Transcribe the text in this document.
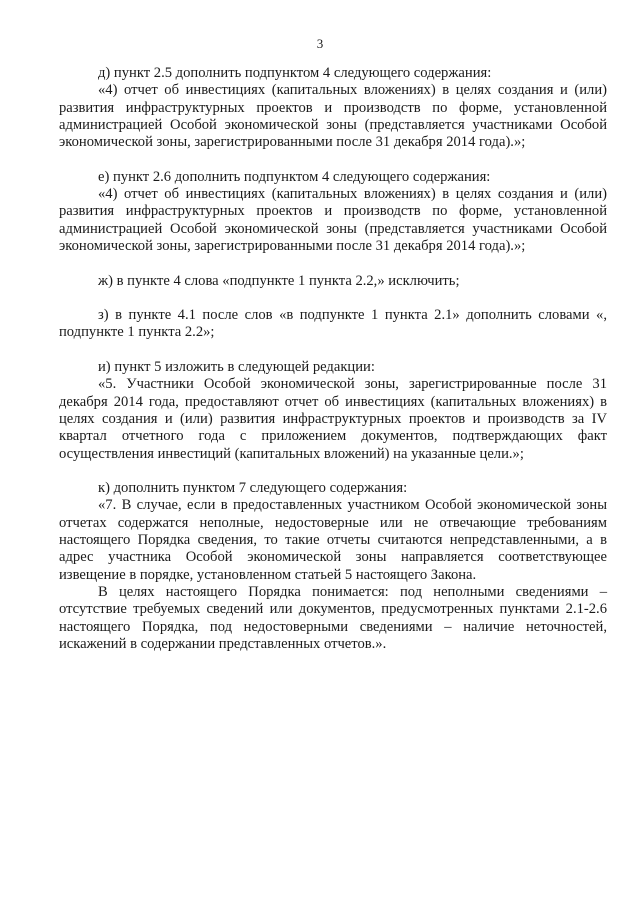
3

д) пункт 2.5 дополнить подпунктом 4 следующего содержания:

«4) отчет об инвестициях (капитальных вложениях) в целях создания и (или) развития инфраструктурных проектов и производств по форме, установленной администрацией Особой экономической зоны (представляется участниками Особой экономической зоны, зарегистрированными после 31 декабря 2014 года).»;

е) пункт 2.6 дополнить подпунктом 4 следующего содержания:

«4) отчет об инвестициях (капитальных вложениях) в целях создания и (или) развития инфраструктурных проектов и производств по форме, установленной администрацией Особой экономической зоны (представляется участниками Особой экономической зоны, зарегистрированными после 31 декабря 2014 года).»;

ж) в пункте 4 слова «подпункте 1 пункта 2.2,» исключить;

з) в пункте 4.1 после слов «в подпункте 1 пункта 2.1» дополнить словами «, подпункте 1 пункта 2.2»;

и) пункт 5 изложить в следующей редакции:

«5. Участники Особой экономической зоны, зарегистрированные после 31 декабря 2014 года, предоставляют отчет об инвестициях (капитальных вложениях) в целях создания и (или) развития инфраструктурных проектов и производств за IV квартал отчетного года с приложением документов, подтверждающих факт осуществления инвестиций (капитальных вложений) на указанные цели.»;

к) дополнить пунктом 7 следующего содержания:

«7. В случае, если в предоставленных участником Особой экономической зоны отчетах содержатся неполные, недостоверные или не отвечающие требованиям настоящего Порядка сведения, то такие отчеты считаются непредставленными, а в адрес участника Особой экономической зоны направляется соответствующее извещение в порядке, установленном статьей 5 настоящего Закона.

В целях настоящего Порядка понимается: под неполными сведениями – отсутствие требуемых сведений или документов, предусмотренных пунктами 2.1-2.6 настоящего Порядка, под недостоверными сведениями – наличие неточностей, искажений в содержании представленных отчетов.».
